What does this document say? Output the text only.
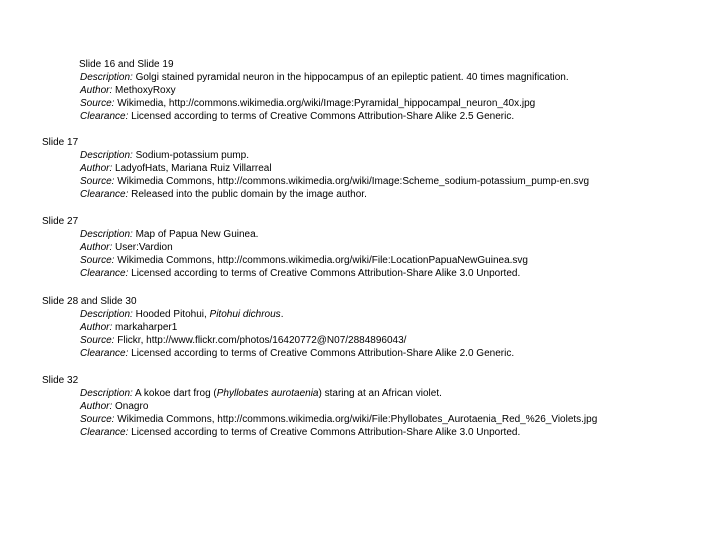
Slide 16 and Slide 19
Description: Golgi stained pyramidal neuron in the hippocampus of an epileptic patient. 40 times magnification.
Author: MethoxyRoxy
Source: Wikimedia, http://commons.wikimedia.org/wiki/Image:Pyramidal_hippocampal_neuron_40x.jpg
Clearance: Licensed according to terms of Creative Commons Attribution-Share Alike 2.5 Generic.
Slide 17
Description: Sodium-potassium pump.
Author: LadyofHats, Mariana Ruiz Villarreal
Source: Wikimedia Commons, http://commons.wikimedia.org/wiki/Image:Scheme_sodium-potassium_pump-en.svg
Clearance: Released into the public domain by the image author.
Slide 27
Description: Map of Papua New Guinea.
Author: User:Vardion
Source: Wikimedia Commons, http://commons.wikimedia.org/wiki/File:LocationPapuaNewGuinea.svg
Clearance: Licensed according to terms of Creative Commons Attribution-Share Alike 3.0 Unported.
Slide 28 and Slide 30
Description: Hooded Pitohui, Pitohui dichrous.
Author: markaharper1
Source: Flickr, http://www.flickr.com/photos/16420772@N07/2884896043/
Clearance: Licensed according to terms of Creative Commons Attribution-Share Alike 2.0 Generic.
Slide 32
Description: A kokoe dart frog (Phyllobates aurotaenia) staring at an African violet.
Author: Onagro
Source: Wikimedia Commons, http://commons.wikimedia.org/wiki/File:Phyllobates_Aurotaenia_Red_%26_Violets.jpg
Clearance: Licensed according to terms of Creative Commons Attribution-Share Alike 3.0 Unported.
